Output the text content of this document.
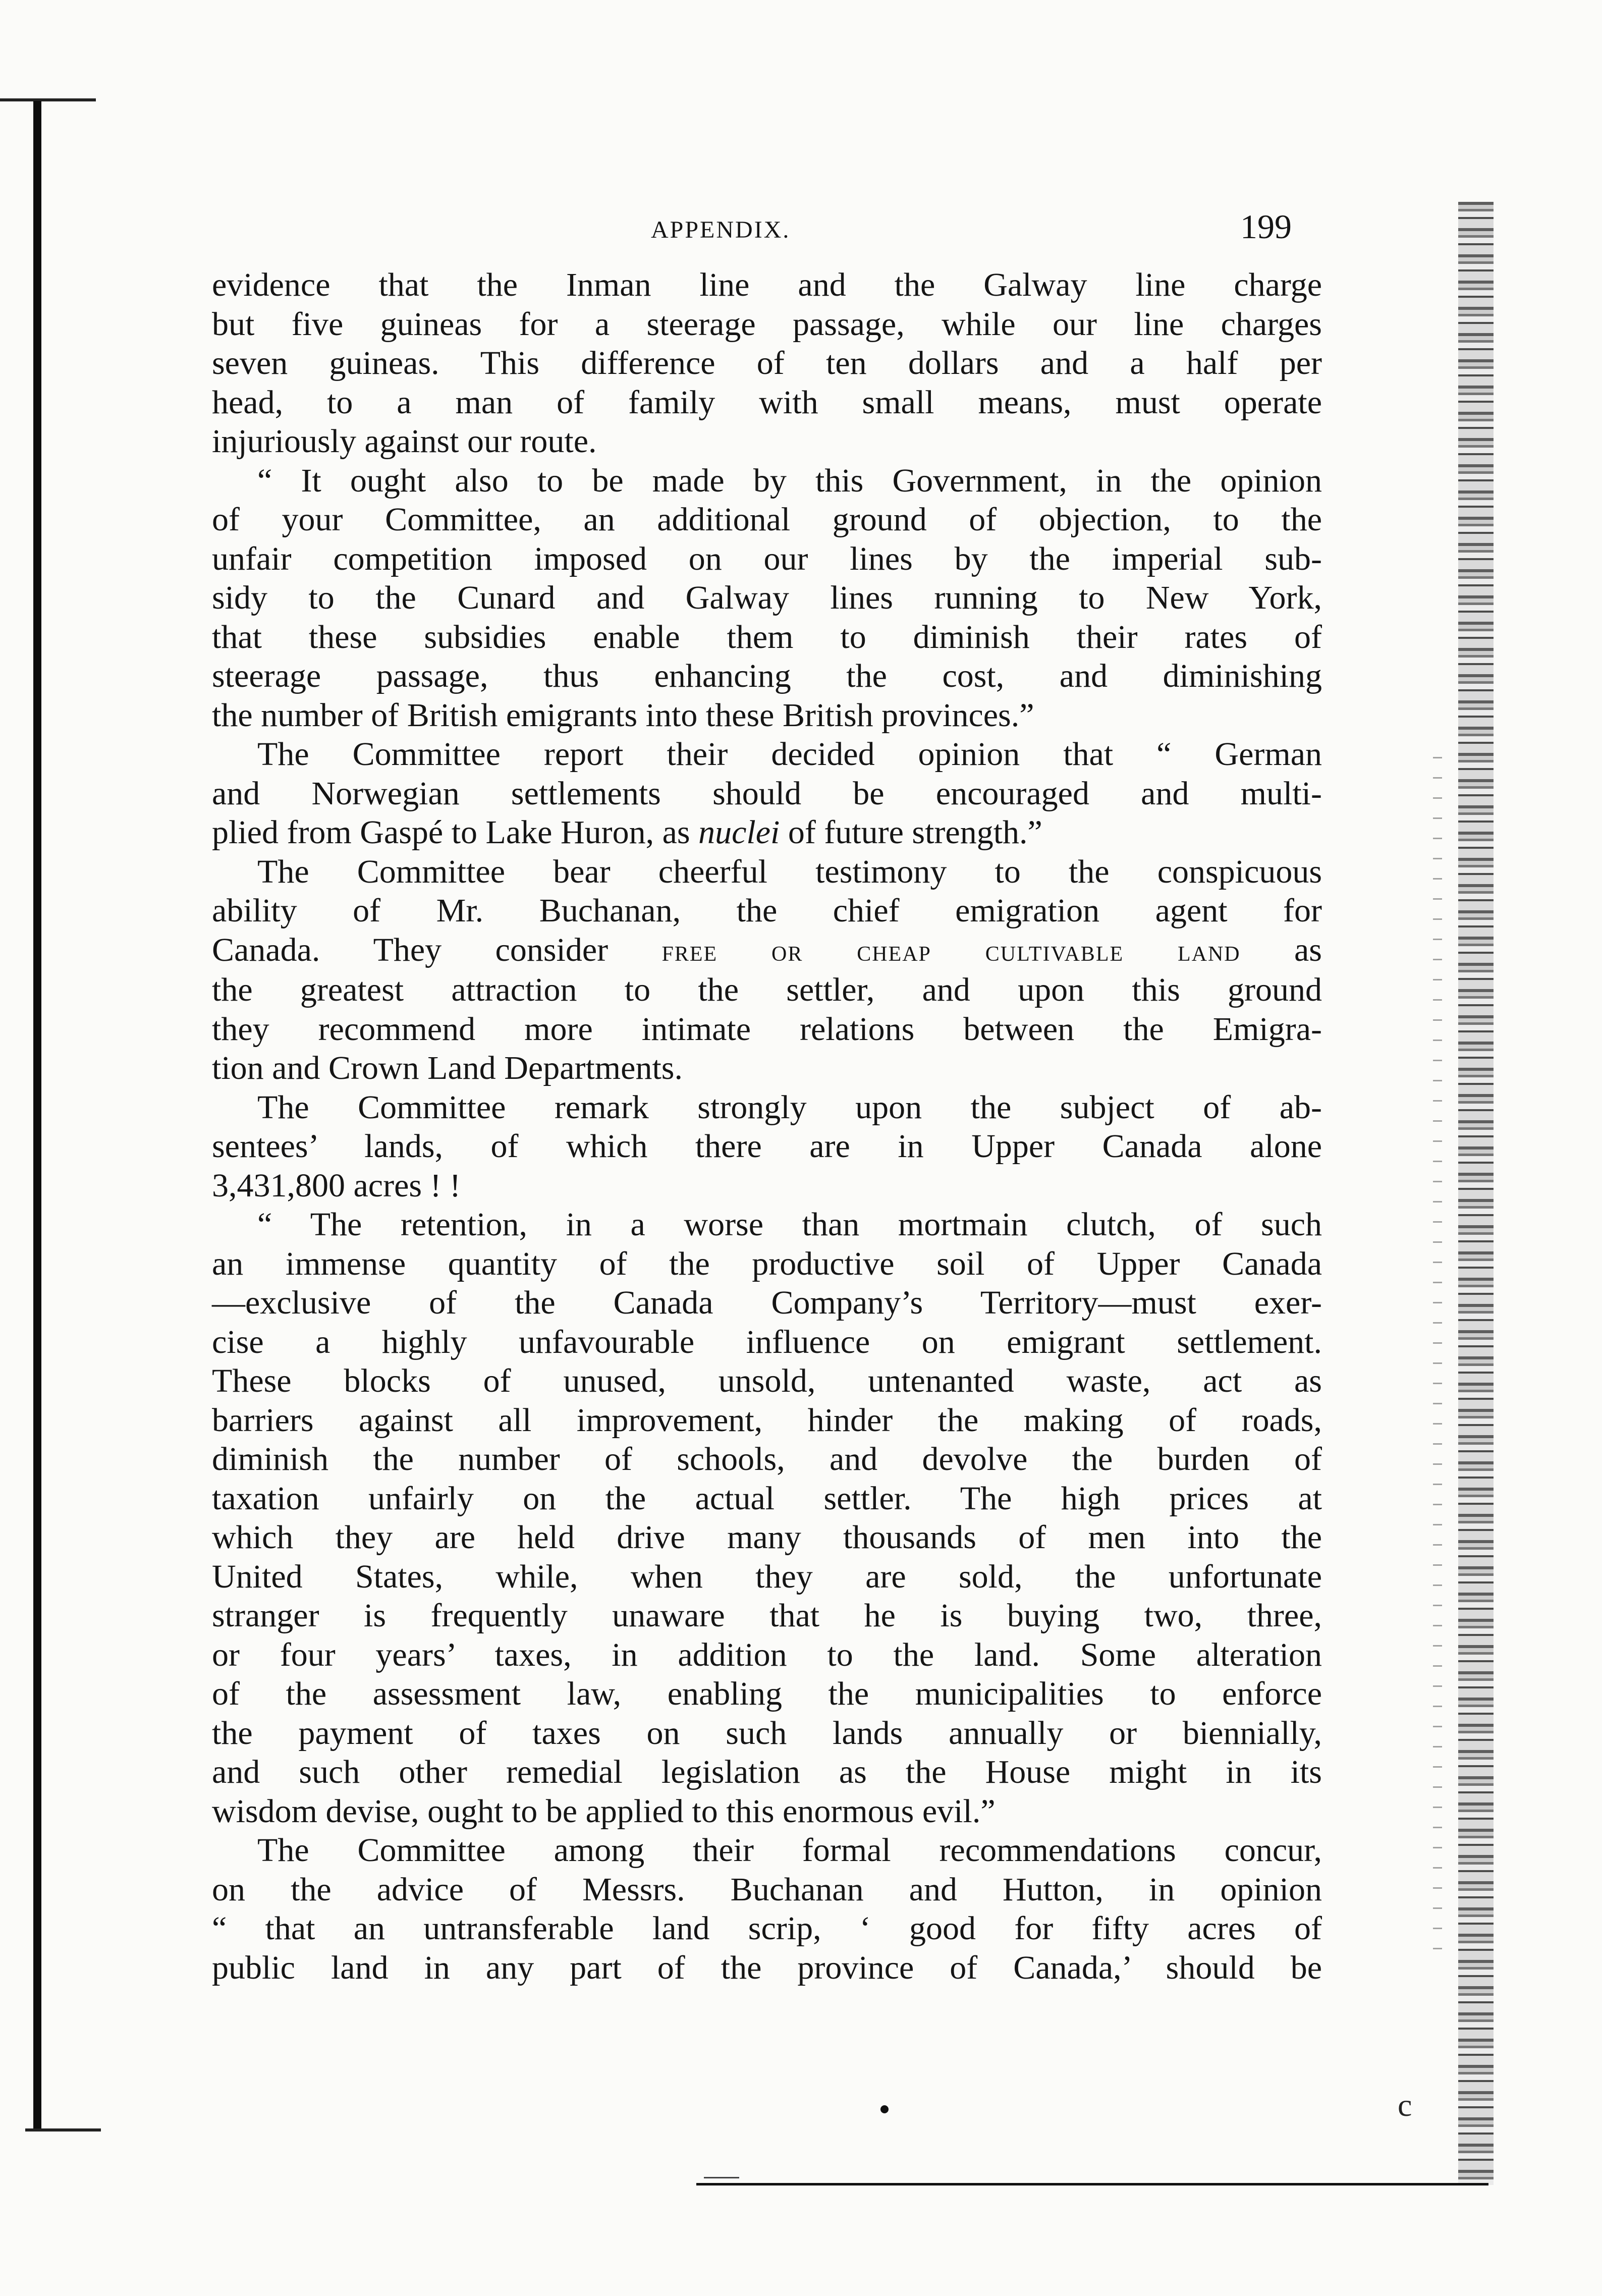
c
APPENDIX.	199

evidence that the Inman line and the Galway line charge
but five guineas for a steerage passage, while our line charges
seven guineas. This difference of ten dollars and a half per
head, to a man of family with small means, must operate
injuriously against our route.

“ It ought also to be made by this Government, in the opinion
of your Committee, an additional ground of objection, to the
unfair competition imposed on our lines by the imperial sub-
sidy to the Cunard and Galway lines running to New York,
that these subsidies enable them to diminish their rates of
steerage passage, thus enhancing the cost, and diminishing
the number of British emigrants into these British provinces.”

The Committee report their decided opinion that “ German
and Norwegian settlements should be encouraged and multi-
plied from Gaspé to Lake Huron, as nuclei of future strength.”

The Committee bear cheerful testimony to the conspicuous
ability of Mr. Buchanan, the chief emigration agent for
Canada. They consider free or cheap cultivable land as
the greatest attraction to the settler, and upon this ground
they recommend more intimate relations between the Emigra-
tion and Crown Land Departments.

The Committee remark strongly upon the subject of ab-
sentees’ lands, of which there are in Upper Canada alone
3,431,800 acres ! !

“ The retention, in a worse than mortmain clutch, of such
an immense quantity of the productive soil of Upper Canada
—exclusive of the Canada Company’s Territory—must exer-
cise a highly unfavourable influence on emigrant settlement.
These blocks of unused, unsold, untenanted waste, act as
barriers against all improvement, hinder the making of roads,
diminish the number of schools, and devolve the burden of
taxation unfairly on the actual settler. The high prices at
which they are held drive many thousands of men into the
United States, while, when they are sold, the unfortunate
stranger is frequently unaware that he is buying two, three,
or four years’ taxes, in addition to the land. Some alteration
of the assessment law, enabling the municipalities to enforce
the payment of taxes on such lands annually or biennially,
and such other remedial legislation as the House might in its
wisdom devise, ought to be applied to this enormous evil.”

The Committee among their formal recommendations concur,
on the advice of Messrs. Buchanan and Hutton, in opinion
“ that an untransferable land scrip, ‘ good for fifty acres of
public land in any part of the province of Canada,’ should be
